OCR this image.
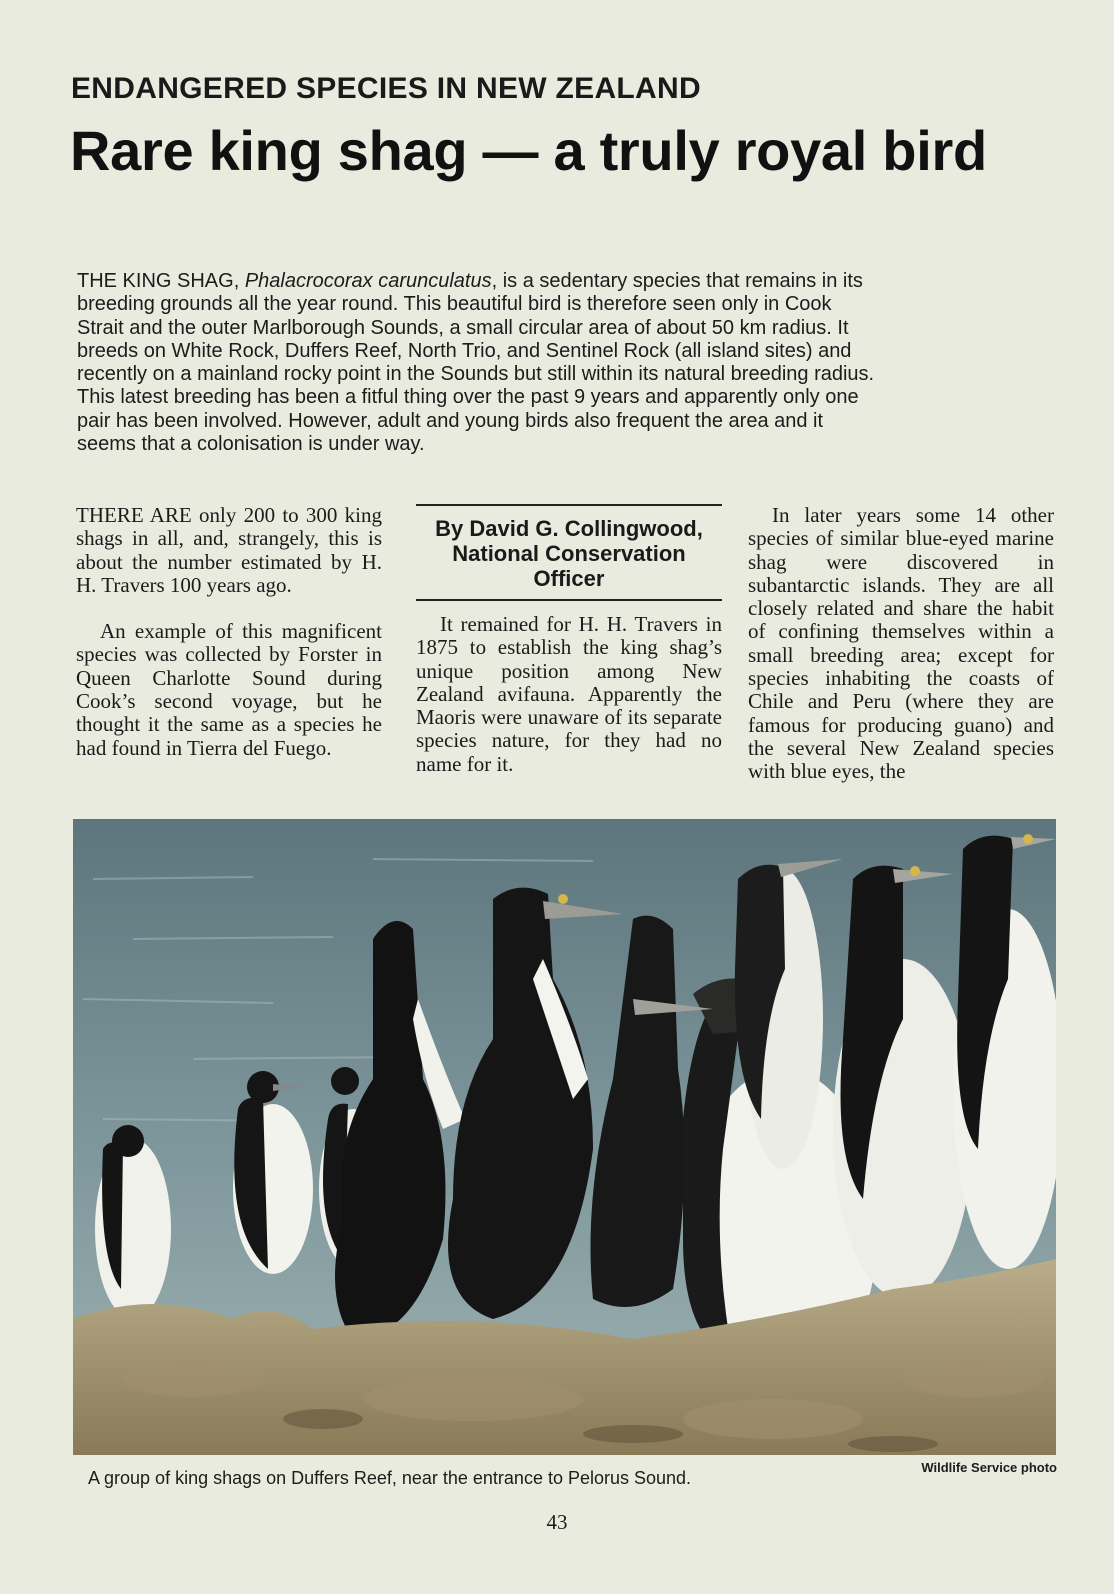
ENDANGERED SPECIES IN NEW ZEALAND
Rare king shag — a truly royal bird

THE KING SHAG, Phalacrocorax carunculatus, is a sedentary species that remains in its breeding grounds all the year round. This beautiful bird is therefore seen only in Cook Strait and the outer Marlborough Sounds, a small circular area of about 50 km radius. It breeds on White Rock, Duffers Reef, North Trio, and Sentinel Rock (all island sites) and recently on a mainland rocky point in the Sounds but still within its natural breeding radius. This latest breeding has been a fitful thing over the past 9 years and apparently only one pair has been involved. However, adult and young birds also frequent the area and it seems that a colonisation is under way.

THERE ARE only 200 to 300 king shags in all, and, strangely, this is about the number estimated by H. H. Travers 100 years ago.

An example of this magnificent species was collected by Forster in Queen Charlotte Sound during Cook’s second voyage, but he thought it the same as a species he had found in Tierra del Fuego.

By David G. Collingwood,
National Conservation
Officer

It remained for H. H. Travers in 1875 to establish the king shag’s unique position among New Zealand avifauna. Apparently the Maoris were unaware of its separate species nature, for they had no name for it.

In later years some 14 other species of similar blue-eyed marine shag were discovered in subantarctic islands. They are all closely related and share the habit of confining themselves within a small breeding area; except for species inhabiting the coasts of Chile and Peru (where they are famous for producing guano) and the several New Zealand species with blue eyes, the

A group of king shags on Duffers Reef, near the entrance to Pelorus Sound.

Wildlife Service photo

43
